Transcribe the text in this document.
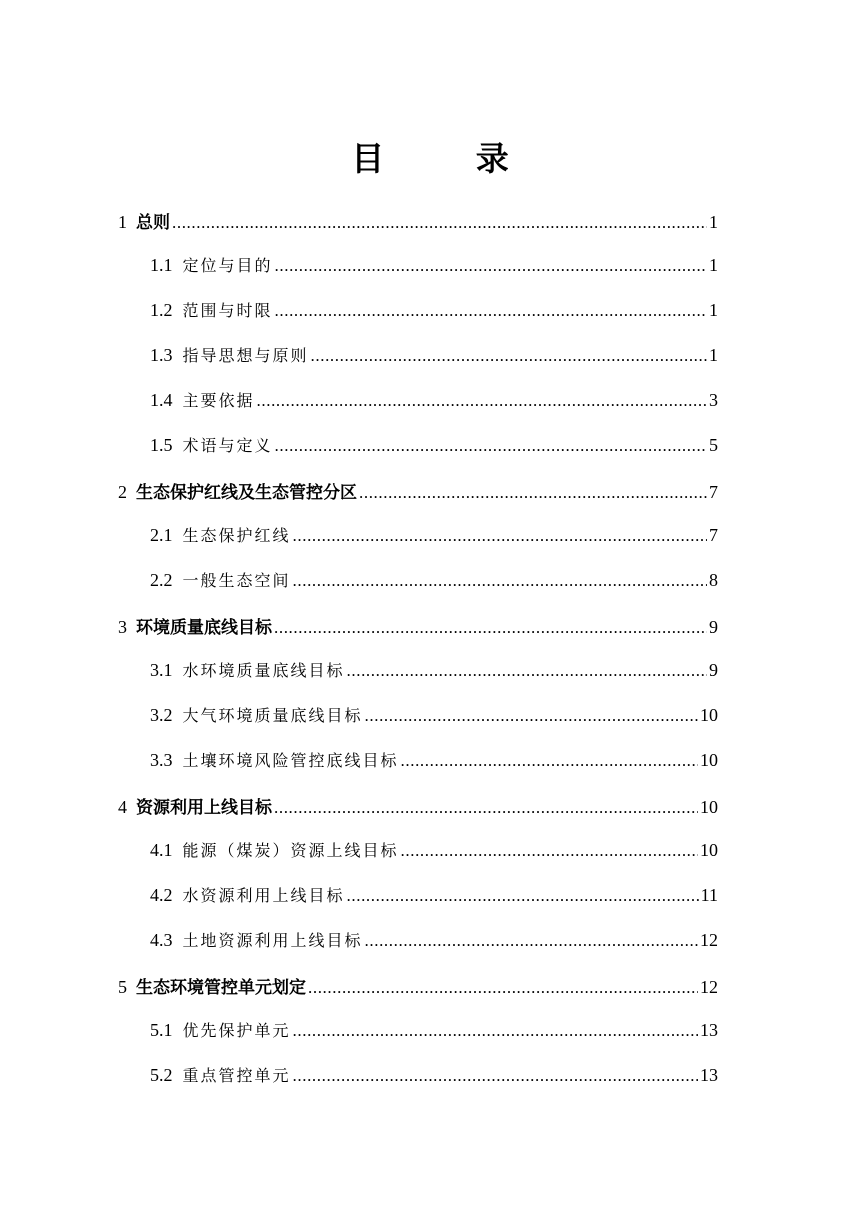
目 录
1 总则 .....	1
1.1 定位与目的 .....	1
1.2 范围与时限 .....	1
1.3 指导思想与原则 .....	1
1.4 主要依据 .....	3
1.5 术语与定义 .....	5
2 生态保护红线及生态管控分区 .....	7
2.1 生态保护红线 .....	7
2.2 一般生态空间 .....	8
3 环境质量底线目标 .....	9
3.1 水环境质量底线目标 .....	9
3.2 大气环境质量底线目标 .....	10
3.3 土壤环境风险管控底线目标 .....	10
4 资源利用上线目标 .....	10
4.1 能源（煤炭）资源上线目标 .....	10
4.2 水资源利用上线目标 .....	11
4.3 土地资源利用上线目标 .....	12
5 生态环境管控单元划定 .....	12
5.1 优先保护单元 .....	13
5.2 重点管控单元 .....	13
